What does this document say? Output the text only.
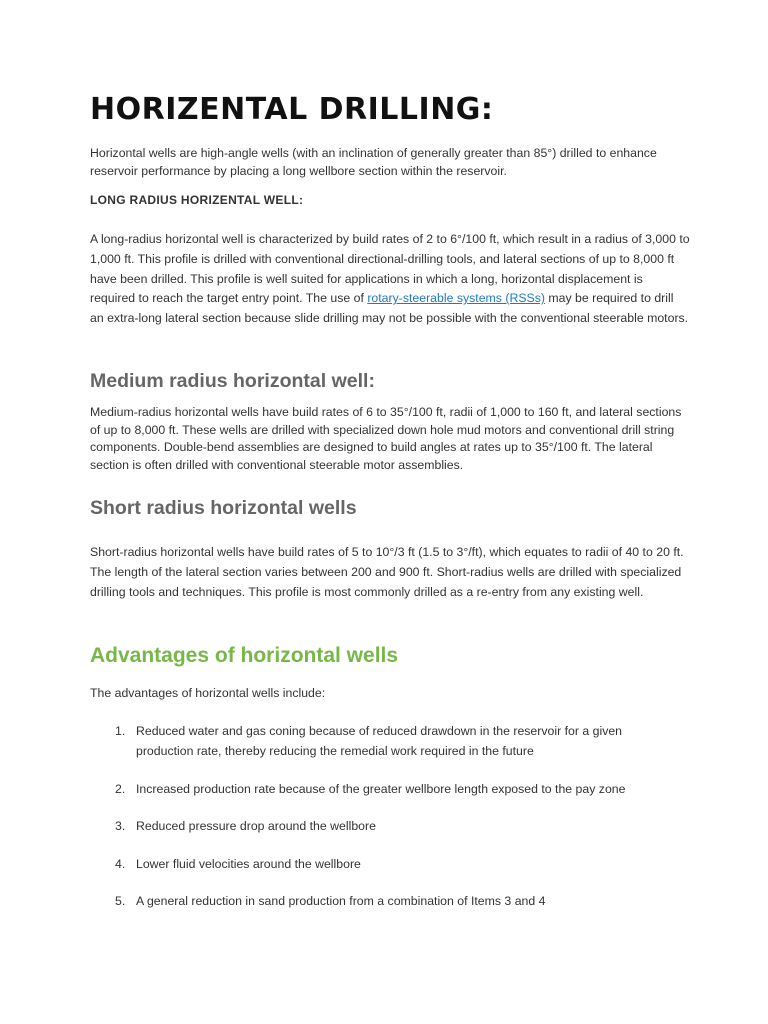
HORIZENTAL DRILLING:

Horizontal wells are high-angle wells (with an inclination of generally greater than 85°) drilled to enhance reservoir performance by placing a long wellbore section within the reservoir.

LONG RADIUS HORIZENTAL WELL:

A long-radius horizontal well is characterized by build rates of 2 to 6°/100 ft, which result in a radius of 3,000 to 1,000 ft. This profile is drilled with conventional directional-drilling tools, and lateral sections of up to 8,000 ft have been drilled. This profile is well suited for applications in which a long, horizontal displacement is required to reach the target entry point. The use of rotary-steerable systems (RSSs) may be required to drill an extra-long lateral section because slide drilling may not be possible with the conventional steerable motors.

Medium radius horizontal well:

Medium-radius horizontal wells have build rates of 6 to 35°/100 ft, radii of 1,000 to 160 ft, and lateral sections of up to 8,000 ft. These wells are drilled with specialized down hole mud motors and conventional drill string components. Double-bend assemblies are designed to build angles at rates up to 35°/100 ft. The lateral section is often drilled with conventional steerable motor assemblies.

Short radius horizontal wells

Short-radius horizontal wells have build rates of 5 to 10°/3 ft (1.5 to 3°/ft), which equates to radii of 40 to 20 ft. The length of the lateral section varies between 200 and 900 ft. Short-radius wells are drilled with specialized drilling tools and techniques. This profile is most commonly drilled as a re-entry from any existing well.

Advantages of horizontal wells

The advantages of horizontal wells include:

1. Reduced water and gas coning because of reduced drawdown in the reservoir for a given production rate, thereby reducing the remedial work required in the future
2. Increased production rate because of the greater wellbore length exposed to the pay zone
3. Reduced pressure drop around the wellbore
4. Lower fluid velocities around the wellbore
5. A general reduction in sand production from a combination of Items 3 and 4
